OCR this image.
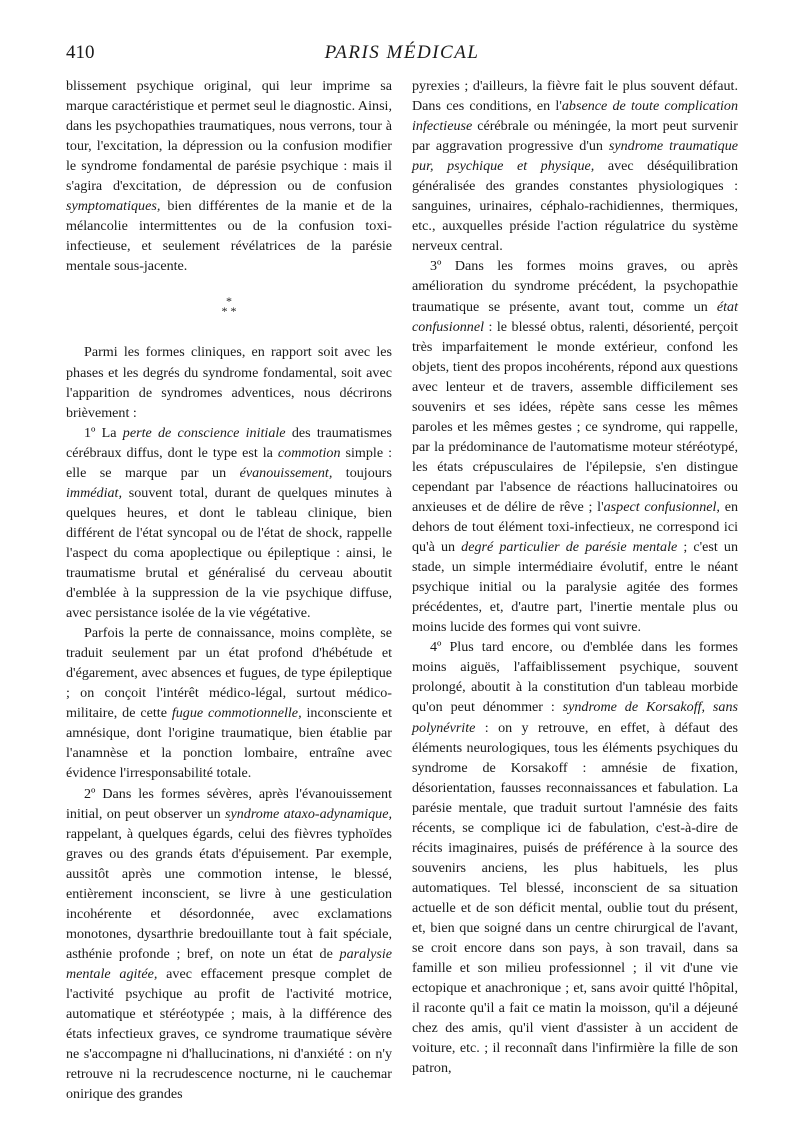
410	PARIS MÉDICAL

blissement psychique original, qui leur imprime sa marque caractéristique et permet seul le diagnostic. Ainsi, dans les psychopathies traumatiques, nous verrons, tour à tour, l'excitation, la dépression ou la confusion modifier le syndrome fondamental de parésie psychique : mais il s'agira d'excitation, de dépression ou de confusion symptomatiques, bien différentes de la manie et de la mélancolie intermittentes ou de la confusion toxi-infectieuse, et seulement révélatrices de la parésie mentale sous-jacente.

*
* *

Parmi les formes cliniques, en rapport soit avec les phases et les degrés du syndrome fondamental, soit avec l'apparition de syndromes adventices, nous décrirons brièvement :

1º La perte de conscience initiale des traumatismes cérébraux diffus, dont le type est la commotion simple : elle se marque par un évanouissement, toujours immédiat, souvent total, durant de quelques minutes à quelques heures, et dont le tableau clinique, bien différent de l'état syncopal ou de l'état de shock, rappelle l'aspect du coma apoplectique ou épileptique : ainsi, le traumatisme brutal et généralisé du cerveau aboutit d'emblée à la suppression de la vie psychique diffuse, avec persistance isolée de la vie végétative.

Parfois la perte de connaissance, moins complète, se traduit seulement par un état profond d'hébétude et d'égarement, avec absences et fugues, de type épileptique ; on conçoit l'intérêt médico-légal, surtout médico-militaire, de cette fugue commotionnelle, inconsciente et amnésique, dont l'origine traumatique, bien établie par l'anamnèse et la ponction lombaire, entraîne avec évidence l'irresponsabilité totale.

2º Dans les formes sévères, après l'évanouissement initial, on peut observer un syndrome ataxo-adynamique, rappelant, à quelques égards, celui des fièvres typhoïdes graves ou des grands états d'épuisement. Par exemple, aussitôt après une commotion intense, le blessé, entièrement inconscient, se livre à une gesticulation incohérente et désordonnée, avec exclamations monotones, dysarthrie bredouillante tout à fait spéciale, asthénie profonde ; bref, on note un état de paralysie mentale agitée, avec effacement presque complet de l'activité psychique au profit de l'activité motrice, automatique et stéréotypée ; mais, à la différence des états infectieux graves, ce syndrome traumatique sévère ne s'accompagne ni d'hallucinations, ni d'anxiété : on n'y retrouve ni la recrudescence nocturne, ni le cauchemar onirique des grandes

pyrexies ; d'ailleurs, la fièvre fait le plus souvent défaut. Dans ces conditions, en l'absence de toute complication infectieuse cérébrale ou méningée, la mort peut survenir par aggravation progressive d'un syndrome traumatique pur, psychique et physique, avec déséquilibration généralisée des grandes constantes physiologiques : sanguines, urinaires, céphalo-rachidiennes, thermiques, etc., auxquelles préside l'action régulatrice du système nerveux central.

3º Dans les formes moins graves, ou après amélioration du syndrome précédent, la psychopathie traumatique se présente, avant tout, comme un état confusionnel : le blessé obtus, ralenti, désorienté, perçoit très imparfaitement le monde extérieur, confond les objets, tient des propos incohérents, répond aux questions avec lenteur et de travers, assemble difficilement ses souvenirs et ses idées, répète sans cesse les mêmes paroles et les mêmes gestes ; ce syndrome, qui rappelle, par la prédominance de l'automatisme moteur stéréotypé, les états crépusculaires de l'épilepsie, s'en distingue cependant par l'absence de réactions hallucinatoires ou anxieuses et de délire de rêve ; l'aspect confusionnel, en dehors de tout élément toxi-infectieux, ne correspond ici qu'à un degré particulier de parésie mentale ; c'est un stade, un simple intermédiaire évolutif, entre le néant psychique initial ou la paralysie agitée des formes précédentes, et, d'autre part, l'inertie mentale plus ou moins lucide des formes qui vont suivre.

4º Plus tard encore, ou d'emblée dans les formes moins aiguës, l'affaiblissement psychique, souvent prolongé, aboutit à la constitution d'un tableau morbide qu'on peut dénommer : syndrome de Korsakoff, sans polynévrite : on y retrouve, en effet, à défaut des éléments neurologiques, tous les éléments psychiques du syndrome de Korsakoff : amnésie de fixation, désorientation, fausses reconnaissances et fabulation. La parésie mentale, que traduit surtout l'amnésie des faits récents, se complique ici de fabulation, c'est-à-dire de récits imaginaires, puisés de préférence à la source des souvenirs anciens, les plus habituels, les plus automatiques. Tel blessé, inconscient de sa situation actuelle et de son déficit mental, oublie tout du présent, et, bien que soigné dans un centre chirurgical de l'avant, se croit encore dans son pays, à son travail, dans sa famille et son milieu professionnel ; il vit d'une vie ectopique et anachronique ; et, sans avoir quitté l'hôpital, il raconte qu'il a fait ce matin la moisson, qu'il a déjeuné chez des amis, qu'il vient d'assister à un accident de voiture, etc. ; il reconnaît dans l'infirmière la fille de son patron,
